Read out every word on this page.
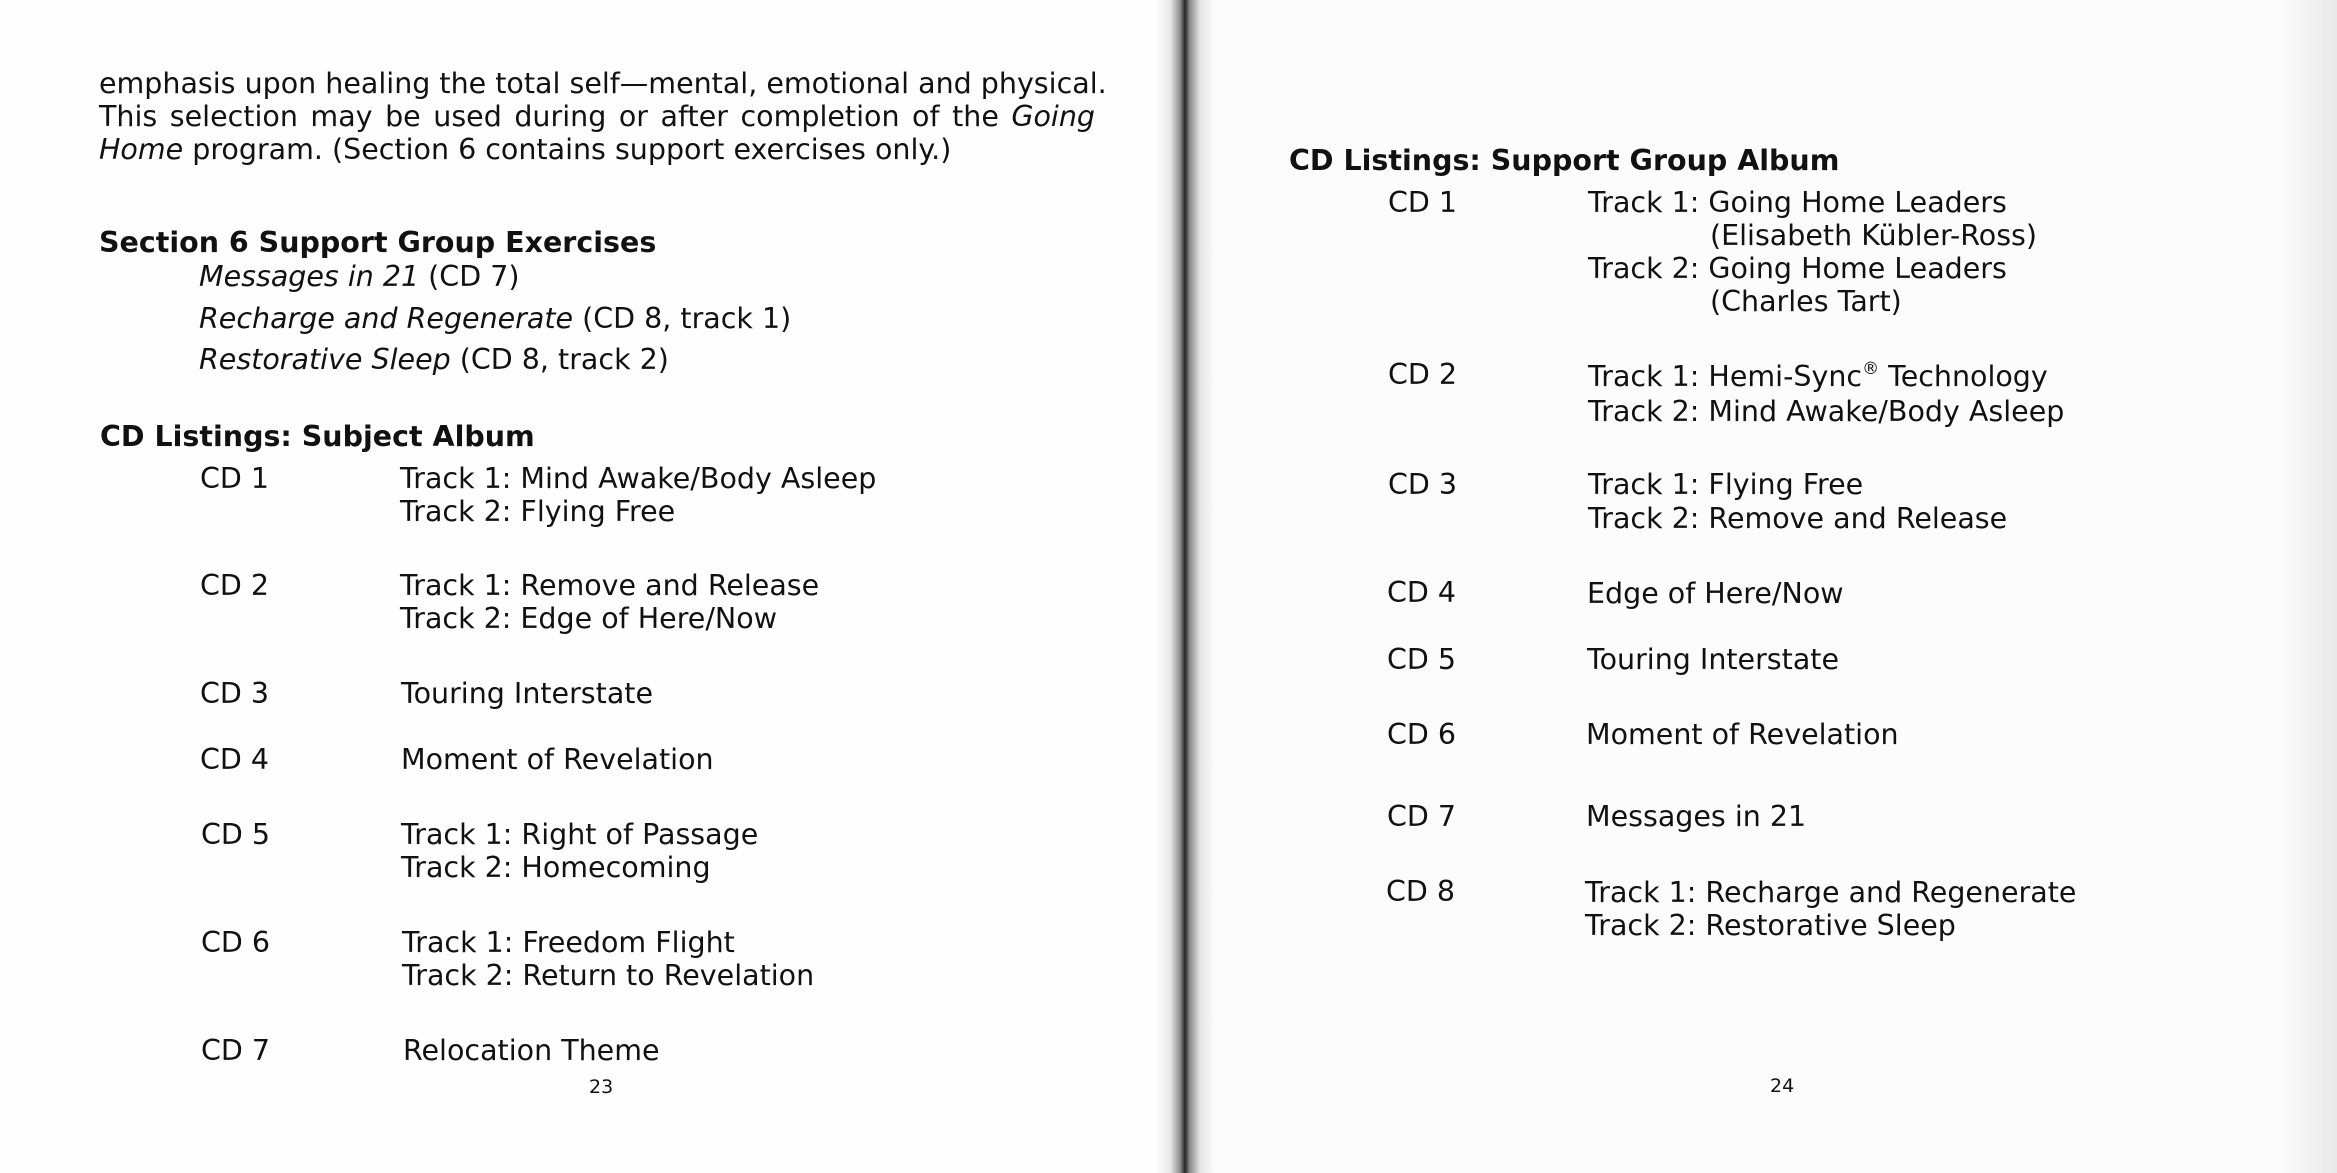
emphasis upon healing the total self—mental, emotional and physical.
This selection may be used during or after completion of the Going
Home program. (Section 6 contains support exercises only.)
Section 6 Support Group Exercises
Messages in 21 (CD 7)
Recharge and Regenerate (CD 8, track 1)
Restorative Sleep (CD 8, track 2)
CD Listings: Subject Album
CD 1	Track 1: Mind Awake/Body Asleep
Track 2: Flying Free
CD 2	Track 1: Remove and Release
Track 2: Edge of Here/Now
CD 3	Touring Interstate
CD 4	Moment of Revelation
CD 5	Track 1: Right of Passage
Track 2: Homecoming
CD 6	Track 1: Freedom Flight
Track 2: Return to Revelation
CD 7	Relocation Theme
23
CD Listings: Support Group Album
CD 1	Track 1: Going Home Leaders
(Elisabeth Kübler-Ross)
Track 2: Going Home Leaders
(Charles Tart)
CD 2	Track 1: Hemi-Sync® Technology
Track 2: Mind Awake/Body Asleep
CD 3	Track 1: Flying Free
Track 2: Remove and Release
CD 4	Edge of Here/Now
CD 5	Touring Interstate
CD 6	Moment of Revelation
CD 7	Messages in 21
CD 8	Track 1: Recharge and Regenerate
Track 2: Restorative Sleep
24
